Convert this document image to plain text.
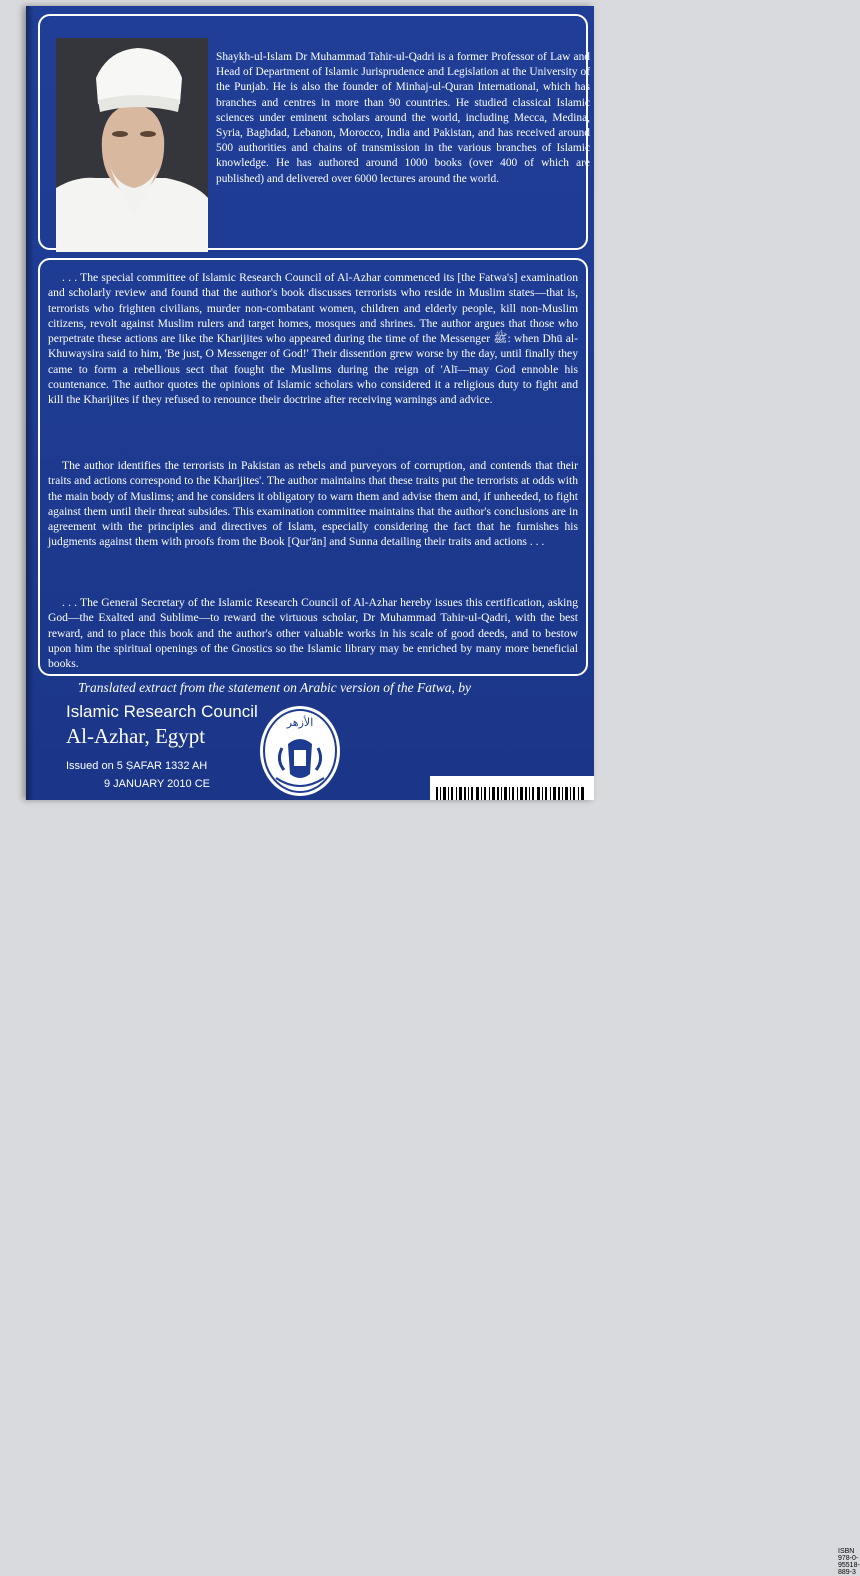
Shaykh-ul-Islam Dr Muhammad Tahir-ul-Qadri is a former Professor of Law and Head of Department of Islamic Jurisprudence and Legislation at the University of the Punjab. He is also the founder of Minhaj-ul-Quran International, which has branches and centres in more than 90 countries. He studied classical Islamic sciences under eminent scholars around the world, including Mecca, Medina, Syria, Baghdad, Lebanon, Morocco, India and Pakistan, and has received around 500 authorities and chains of transmission in the various branches of Islamic knowledge. He has authored around 1000 books (over 400 of which are published) and delivered over 6000 lectures around the world.

. . . The special committee of Islamic Research Council of Al-Azhar commenced its [the Fatwa's] examination and scholarly review and found that the author's book discusses terrorists who reside in Muslim states—that is, terrorists who frighten civilians, murder non-combatant women, children and elderly people, kill non-Muslim citizens, revolt against Muslim rulers and target homes, mosques and shrines. The author argues that those who perpetrate these actions are like the Kharijites who appeared during the time of the Messenger ﷺ: when Dhū al-Khuwaysira said to him, 'Be just, O Messenger of God!' Their dissention grew worse by the day, until finally they came to form a rebellious sect that fought the Muslims during the reign of 'Alī—may God ennoble his countenance. The author quotes the opinions of Islamic scholars who considered it a religious duty to fight and kill the Kharijites if they refused to renounce their doctrine after receiving warnings and advice.

The author identifies the terrorists in Pakistan as rebels and purveyors of corruption, and contends that their traits and actions correspond to the Kharijites'. The author maintains that these traits put the terrorists at odds with the main body of Muslims; and he considers it obligatory to warn them and advise them and, if unheeded, to fight against them until their threat subsides. This examination committee maintains that the author's conclusions are in agreement with the principles and directives of Islam, especially considering the fact that he furnishes his judgments against them with proofs from the Book [Qur'ān] and Sunna detailing their traits and actions . . .

. . . The General Secretary of the Islamic Research Council of Al-Azhar hereby issues this certification, asking God—the Exalted and Sublime—to reward the virtuous scholar, Dr Muhammad Tahir-ul-Qadri, with the best reward, and to place this book and the author's other valuable works in his scale of good deeds, and to bestow upon him the spiritual openings of the Gnostics so the Islamic library may be enriched by many more beneficial books.

Translated extract from the statement on Arabic version of the Fatwa, by

Islamic Research Council

Al-Azhar, Egypt

Issued on 5 ṢAFAR 1332 AH

9 JANUARY 2010 CE

الأزهر

ISBN 978-0-95518-889-3
